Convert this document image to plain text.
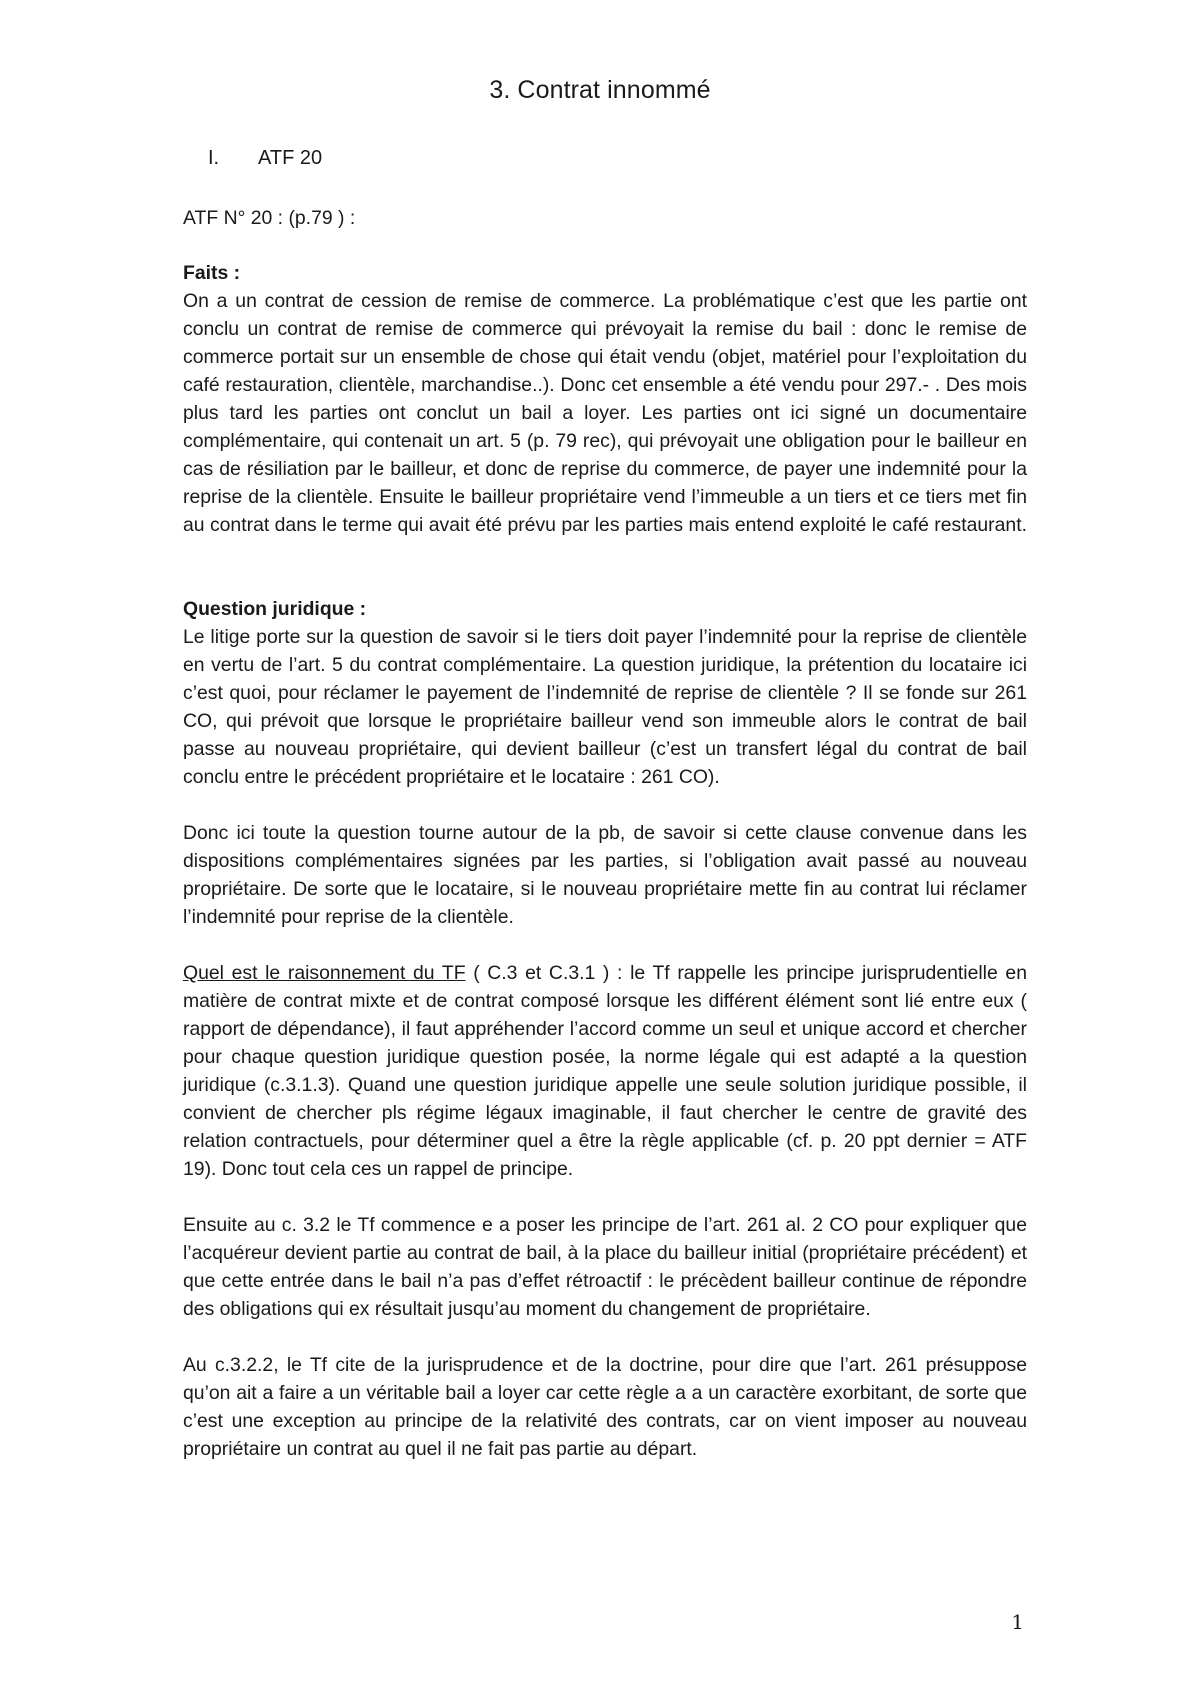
3. Contrat innommé
I. ATF 20

ATF N° 20 : (p.79 ) :

Faits :
On a un contrat de cession de remise de commerce. La problématique c’est que les partie ont conclu un contrat de remise de commerce qui prévoyait la remise du bail : donc le remise de commerce portait sur un ensemble de chose qui était vendu (objet, matériel pour l’exploitation du café restauration, clientèle, marchandise..). Donc cet ensemble a été vendu pour 297.- . Des mois plus tard les parties ont conclut un bail a loyer. Les parties ont ici signé un documentaire complémentaire, qui contenait un art. 5 (p. 79 rec), qui prévoyait une obligation pour le bailleur en cas de résiliation par le bailleur, et donc de reprise du commerce, de payer une indemnité pour la reprise de la clientèle. Ensuite le bailleur propriétaire vend l’immeuble a un tiers et ce tiers met fin au contrat dans le terme qui avait été prévu par les parties mais entend exploité le café restaurant.

Question juridique :
Le litige porte sur la question de savoir si le tiers doit payer l’indemnité pour la reprise de clientèle en vertu de l’art. 5 du contrat complémentaire. La question juridique, la prétention du locataire ici c’est quoi, pour réclamer le payement de l’indemnité de reprise de clientèle ? Il se fonde sur 261 CO, qui prévoit que lorsque le propriétaire bailleur vend son immeuble alors le contrat de bail passe au nouveau propriétaire, qui devient bailleur (c’est un transfert légal du contrat de bail conclu entre le précédent propriétaire et le locataire : 261 CO).

Donc ici toute la question tourne autour de la pb, de savoir si cette clause convenue dans les dispositions complémentaires signées par les parties, si l’obligation avait passé au nouveau propriétaire. De sorte que le locataire, si le nouveau propriétaire mette fin au contrat lui réclamer l’indemnité pour reprise de la clientèle.

Quel est le raisonnement du TF ( C.3 et C.3.1 ) : le Tf rappelle les principe jurisprudentielle en matière de contrat mixte et de contrat composé lorsque les différent élément sont lié entre eux ( rapport de dépendance), il faut appréhender l’accord comme un seul et unique accord et chercher pour chaque question juridique question posée, la norme légale qui est adapté a la question juridique (c.3.1.3). Quand une question juridique appelle une seule solution juridique possible, il convient de chercher pls régime légaux imaginable, il faut chercher le centre de gravité des relation contractuels, pour déterminer quel a être la règle applicable (cf. p. 20 ppt dernier = ATF 19). Donc tout cela ces un rappel de principe.

Ensuite au c. 3.2 le Tf commence e a poser les principe de l’art. 261 al. 2 CO pour expliquer que l’acquéreur devient partie au contrat de bail, à la place du bailleur initial (propriétaire précédent) et que cette entrée dans le bail n’a pas d’effet rétroactif : le précèdent bailleur continue de répondre des obligations qui ex résultait jusqu’au moment du changement de propriétaire.

Au c.3.2.2, le Tf cite de la jurisprudence et de la doctrine, pour dire que l’art. 261 présuppose qu’on ait a faire a un véritable bail a loyer car cette règle a a un caractère exorbitant, de sorte que c’est une exception au principe de la relativité des contrats, car on vient imposer au nouveau propriétaire un contrat au quel il ne fait pas partie au départ.

1
